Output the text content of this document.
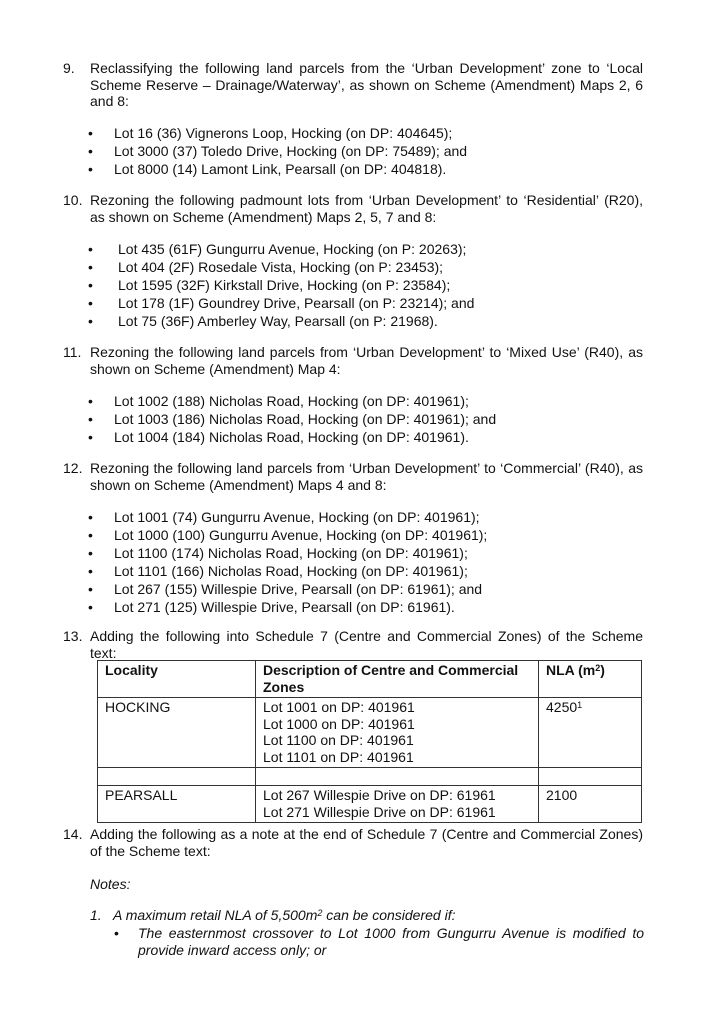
9. Reclassifying the following land parcels from the ‘Urban Development’ zone to ‘Local Scheme Reserve – Drainage/Waterway’, as shown on Scheme (Amendment) Maps 2, 6 and 8:
• Lot 16 (36) Vignerons Loop, Hocking (on DP: 404645);
• Lot 3000 (37) Toledo Drive, Hocking (on DP: 75489); and
• Lot 8000 (14) Lamont Link, Pearsall (on DP: 404818).
10. Rezoning the following padmount lots from ‘Urban Development’ to ‘Residential’ (R20), as shown on Scheme (Amendment) Maps 2, 5, 7 and 8:
• Lot 435 (61F) Gungurru Avenue, Hocking (on P: 20263);
• Lot 404 (2F) Rosedale Vista, Hocking (on P: 23453);
• Lot 1595 (32F) Kirkstall Drive, Hocking (on P: 23584);
• Lot 178 (1F) Goundrey Drive, Pearsall (on P: 23214); and
• Lot 75 (36F) Amberley Way, Pearsall (on P: 21968).
11. Rezoning the following land parcels from ‘Urban Development’ to ‘Mixed Use’ (R40), as shown on Scheme (Amendment) Map 4:
• Lot 1002 (188) Nicholas Road, Hocking (on DP: 401961);
• Lot 1003 (186) Nicholas Road, Hocking (on DP: 401961); and
• Lot 1004 (184) Nicholas Road, Hocking (on DP: 401961).
12. Rezoning the following land parcels from ‘Urban Development’ to ‘Commercial’ (R40), as shown on Scheme (Amendment) Maps 4 and 8:
• Lot 1001 (74) Gungurru Avenue, Hocking (on DP: 401961);
• Lot 1000 (100) Gungurru Avenue, Hocking (on DP: 401961);
• Lot 1100 (174) Nicholas Road, Hocking (on DP: 401961);
• Lot 1101 (166) Nicholas Road, Hocking (on DP: 401961);
• Lot 267 (155) Willespie Drive, Pearsall (on DP: 61961); and
• Lot 271 (125) Willespie Drive, Pearsall (on DP: 61961).
13. Adding the following into Schedule 7 (Centre and Commercial Zones) of the Scheme text:
Locality	Description of Centre and Commercial Zones	NLA $(m^2)$
HOCKING	Lot 1001 on DP: 401961
Lot 1000 on DP: 401961
Lot 1100 on DP: 401961
Lot 1101 on DP: 401961	4250$^1$

PEARSALL	Lot 267 Willespie Drive on DP: 61961
Lot 271 Willespie Drive on DP: 61961	2100
14. Adding the following as a note at the end of Schedule 7 (Centre and Commercial Zones) of the Scheme text:
Notes:
1. A maximum retail NLA of $5,500m^2$ can be considered if:
• The easternmost crossover to Lot 1000 from Gungurru Avenue is modified to provide inward access only; or
